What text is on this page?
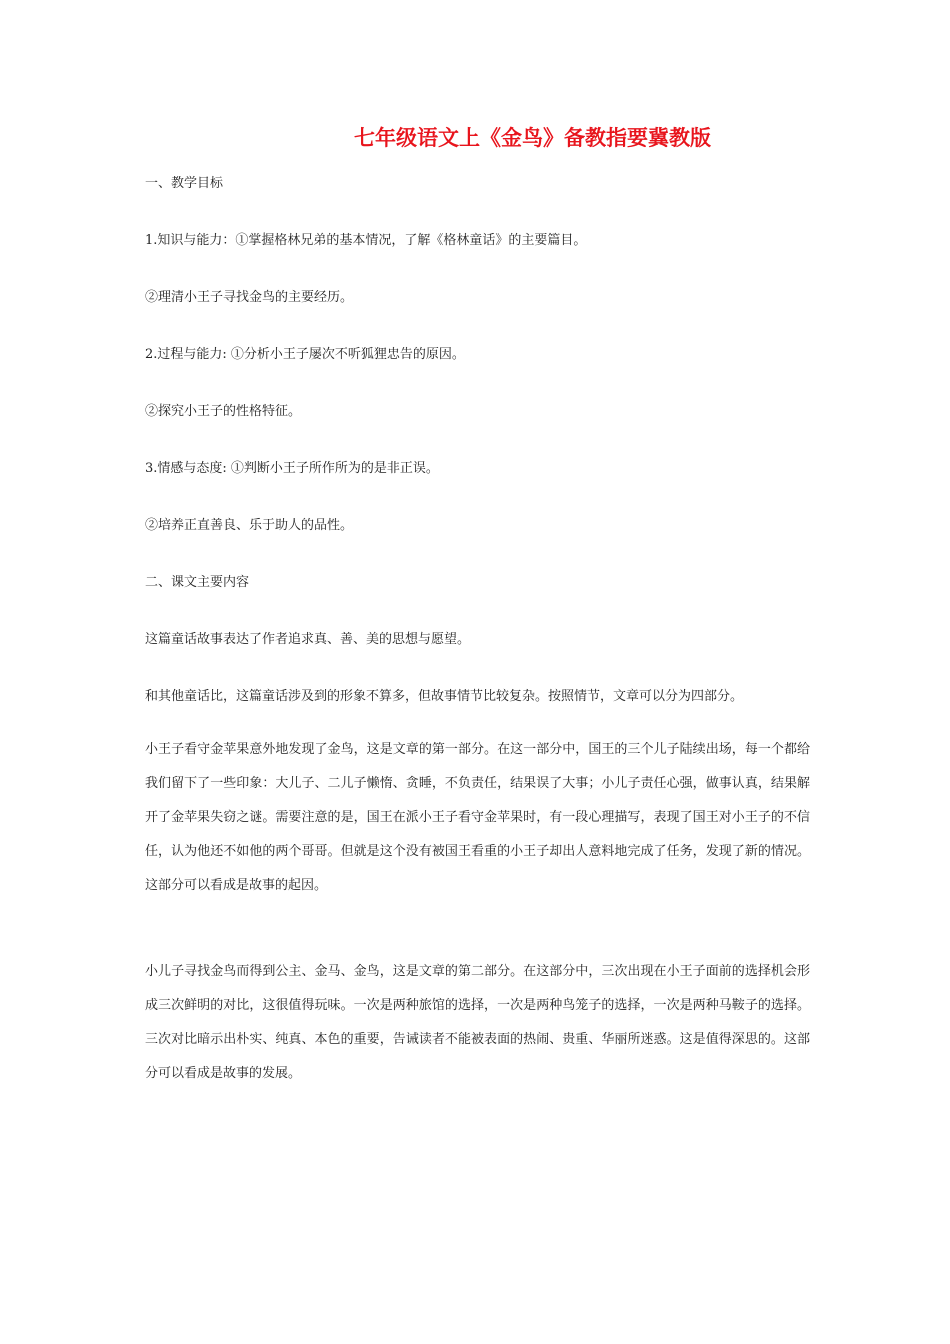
七年级语文上《金鸟》备教指要冀教版
一、教学目标
1.知识与能力：①掌握格林兄弟的基本情况，了解《格林童话》的主要篇目。
②理清小王子寻找金鸟的主要经历。
2.过程与能力: ①分析小王子屡次不听狐狸忠告的原因。
②探究小王子的性格特征。
3.情感与态度: ①判断小王子所作所为的是非正误。
②培养正直善良、乐于助人的品性。
二、课文主要内容
这篇童话故事表达了作者追求真、善、美的思想与愿望。
和其他童话比，这篇童话涉及到的形象不算多，但故事情节比较复杂。按照情节，文章可以分为四部分。
小王子看守金苹果意外地发现了金鸟，这是文章的第一部分。在这一部分中，国王的三个儿子陆续出场，每一个都给我们留下了一些印象：大儿子、二儿子懒惰、贪睡，不负责任，结果误了大事；小儿子责任心强，做事认真，结果解开了金苹果失窃之谜。需要注意的是，国王在派小王子看守金苹果时，有一段心理描写，表现了国王对小王子的不信任，认为他还不如他的两个哥哥。但就是这个没有被国王看重的小王子却出人意料地完成了任务，发现了新的情况。这部分可以看成是故事的起因。
小儿子寻找金鸟而得到公主、金马、金鸟，这是文章的第二部分。在这部分中，三次出现在小王子面前的选择机会形成三次鲜明的对比，这很值得玩味。一次是两种旅馆的选择，一次是两种鸟笼子的选择，一次是两种马鞍子的选择。三次对比暗示出朴实、纯真、本色的重要，告诫读者不能被表面的热闹、贵重、华丽所迷惑。这是值得深思的。这部分可以看成是故事的发展。
